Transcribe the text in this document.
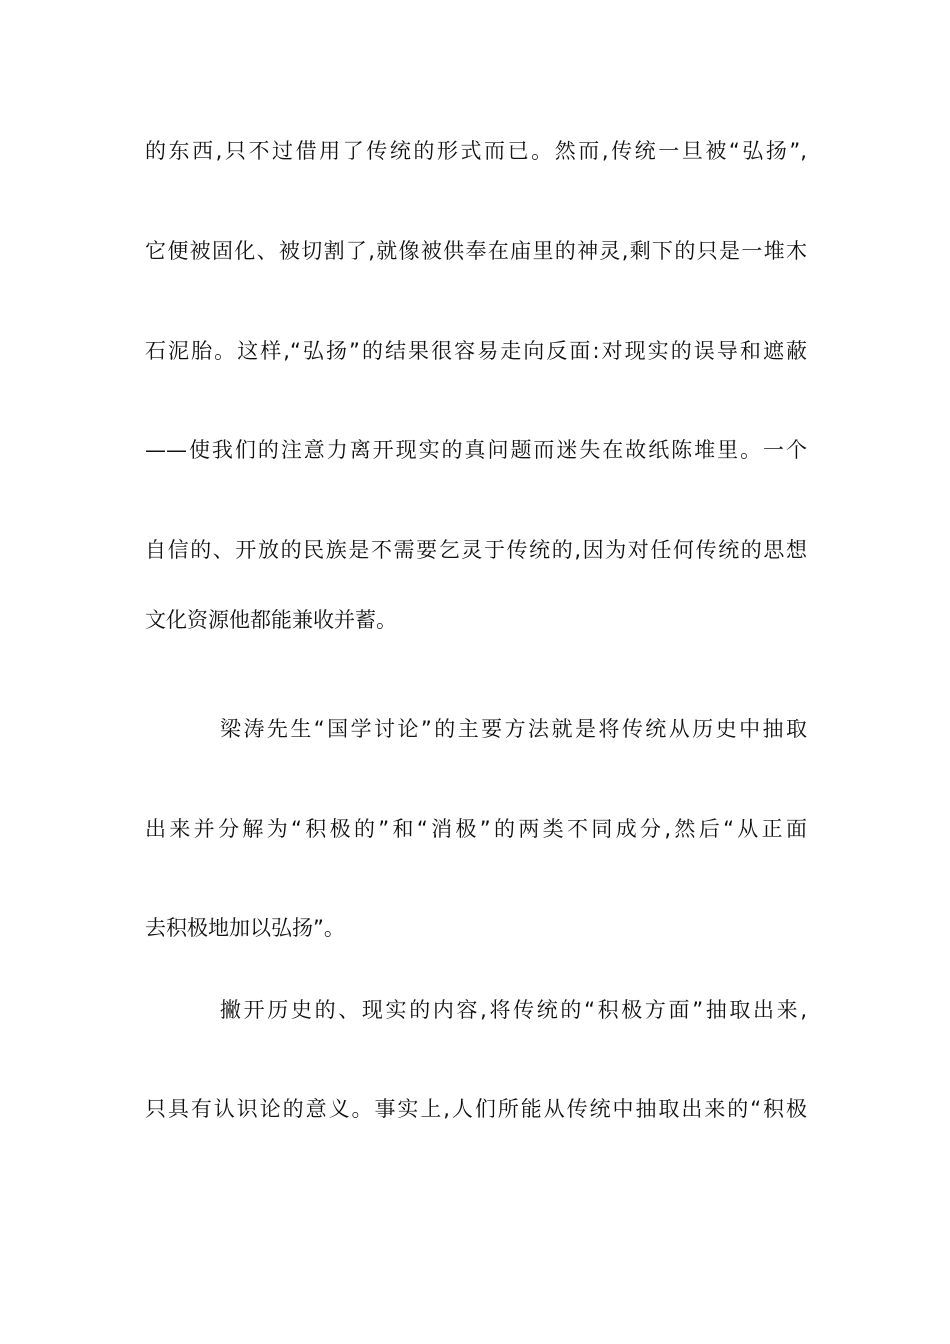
的东西,只不过借用了传统的形式而已。然而,传统一旦被“弘扬”,
它便被固化、被切割了,就像被供奉在庙里的神灵,剩下的只是一堆木
石泥胎。这样,“弘扬”的结果很容易走向反面:对现实的误导和遮蔽
——使我们的注意力离开现实的真问题而迷失在故纸陈堆里。一个
自信的、开放的民族是不需要乞灵于传统的,因为对任何传统的思想
文化资源他都能兼收并蓄。
梁涛先生“国学讨论”的主要方法就是将传统从历史中抽取
出来并分解为“积极的”和“消极”的两类不同成分,然后“从正面
去积极地加以弘扬”。
撇开历史的、现实的内容,将传统的“积极方面”抽取出来,
只具有认识论的意义。事实上,人们所能从传统中抽取出来的“积极
